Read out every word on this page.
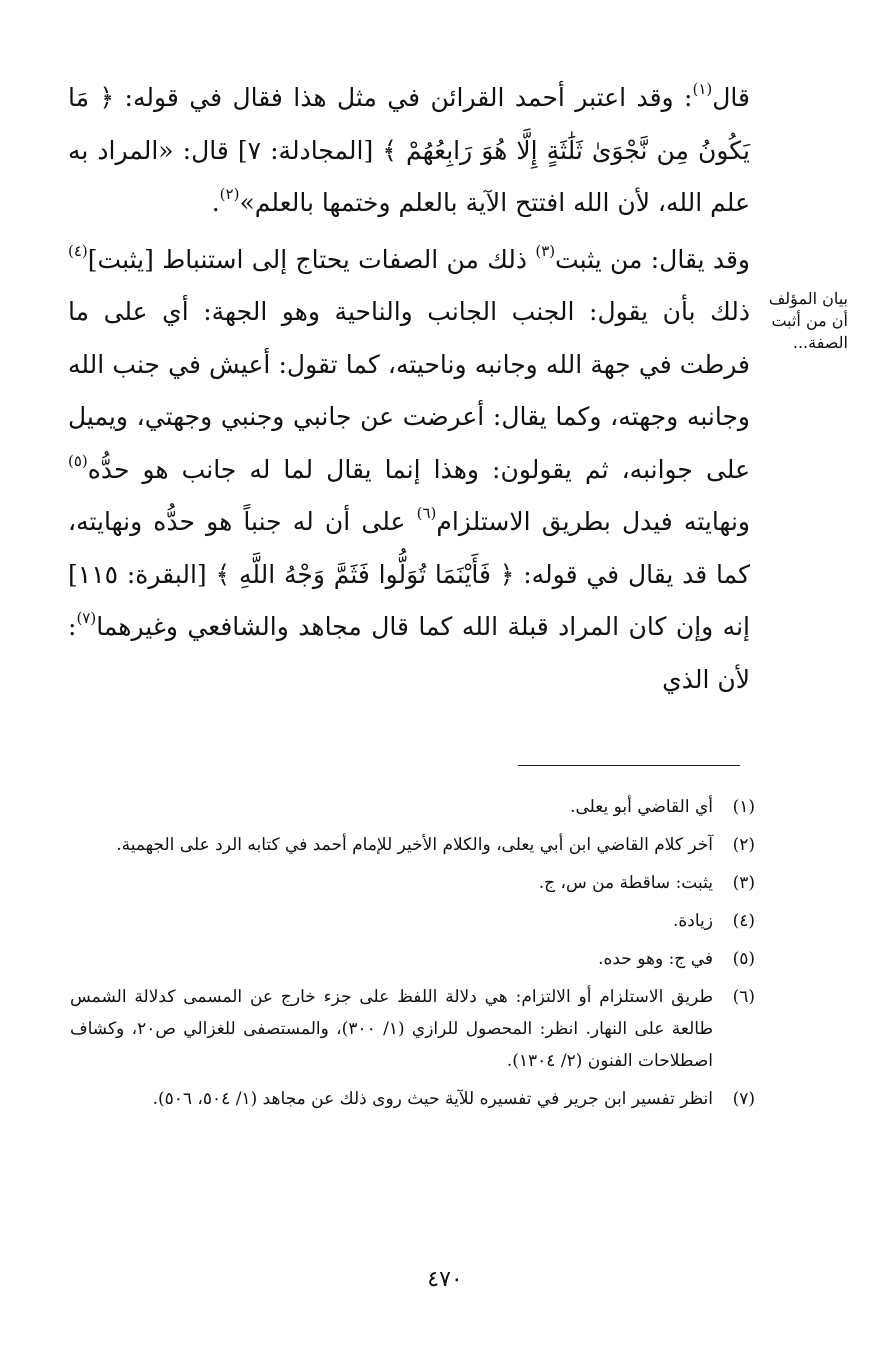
قال$^{(١)}$: وقد اعتبر أحمد القرائن في مثل هذا فقال في قوله: ﴿ مَا يَكُونُ مِن نَّجْوَىٰ ثَلَٰثَةٍ إِلَّا هُوَ رَابِعُهُمْ ﴾ [المجادلة: ٧] قال: «المراد به علم الله، لأن الله افتتح الآية بالعلم وختمها بالعلم»$^{(٢)}$.

وقد يقال: من يثبت$^{(٣)}$ ذلك من الصفات يحتاج إلى استنباط [يثبت]$^{(٤)}$ ذلك بأن يقول: الجنب الجانب والناحية وهو الجهة: أي على ما فرطت في جهة الله وجانبه وناحيته، كما تقول: أعيش في جنب الله وجانبه وجهته، وكما يقال: أعرضت عن جانبي وجنبي وجهتي، ويميل على جوانبه، ثم يقولون: وهذا إنما يقال لما له جانب هو حدُّه$^{(٥)}$ ونهايته فيدل بطريق الاستلزام$^{(٦)}$ على أن له جنباً هو حدُّه ونهايته، كما قد يقال في قوله: ﴿ فَأَيْنَمَا تُوَلُّوا فَثَمَّ وَجْهُ اللَّهِ ﴾ [البقرة: ١١٥] إنه وإن كان المراد قبلة الله كما قال مجاهد والشافعي وغيرهما$^{(٧)}$: لأن الذي

بيان المؤلف أن من أثبت الصفة...
(١)
أي القاضي أبو يعلى.
(٢)
آخر كلام القاضي ابن أبي يعلى، والكلام الأخير للإمام أحمد في كتابه الرد على الجهمية.
(٣)
يثبت: ساقطة من س، ج.
(٤)
زيادة.
(٥)
في ج: وهو حده.
(٦)
طريق الاستلزام أو الالتزام: هي دلالة اللفظ على جزء خارج عن المسمى كدلالة الشمس طالعة على النهار. انظر: المحصول للرازي (١/ ٣٠٠)، والمستصفى للغزالي ص٢٠، وكشاف اصطلاحات الفنون (٢/ ١٣٠٤).
(٧)
انظر تفسير ابن جرير في تفسيره للآية حيث روى ذلك عن مجاهد (١/ ٥٠٤، ٥٠٦).
٤٧٠
